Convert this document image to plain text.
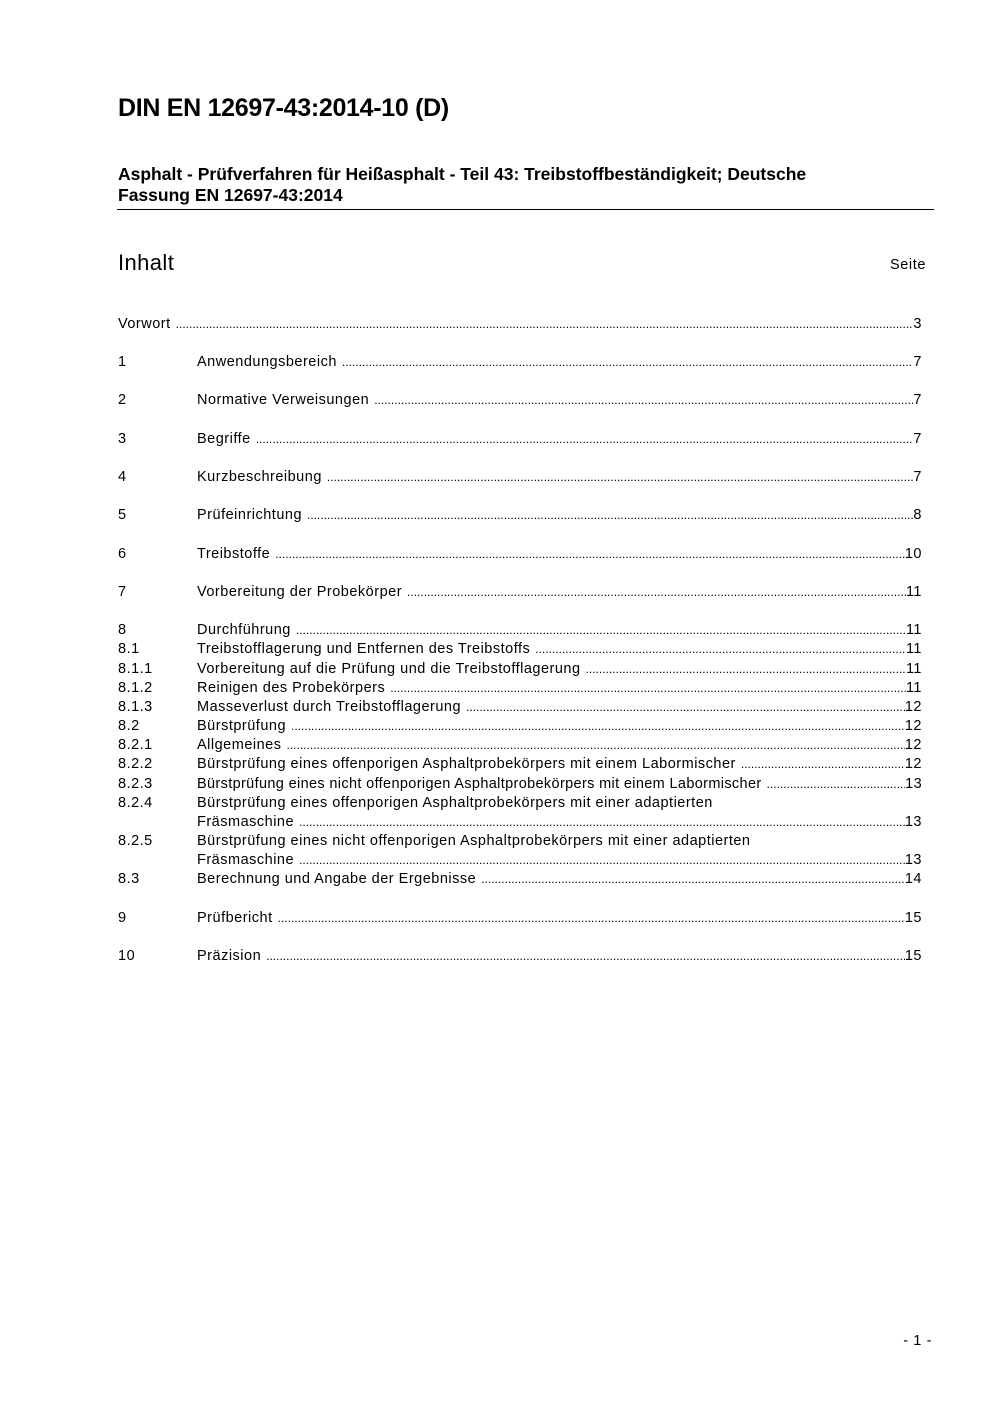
DIN EN 12697-43:2014-10 (D)
Asphalt - Prüfverfahren für Heißasphalt - Teil 43: Treibstoffbeständigkeit; Deutsche
Fassung EN 12697-43:2014
Inhalt	Seite
Vorwort .....	3
1	Anwendungsbereich .....	7
2	Normative Verweisungen .....	7
3	Begriffe .....	7
4	Kurzbeschreibung .....	7
5	Prüfeinrichtung .....	8
6	Treibstoffe .....	10
7	Vorbereitung der Probekörper .....	11
8	Durchführung .....	11
8.1	Treibstofflagerung und Entfernen des Treibstoffs .....	11
8.1.1	Vorbereitung auf die Prüfung und die Treibstofflagerung .....	11
8.1.2	Reinigen des Probekörpers .....	11
8.1.3	Masseverlust durch Treibstofflagerung .....	12
8.2	Bürstprüfung .....	12
8.2.1	Allgemeines .....	12
8.2.2	Bürstprüfung eines offenporigen Asphaltprobekörpers mit einem Labormischer .....	12
8.2.3	Bürstprüfung eines nicht offenporigen Asphaltprobekörpers mit einem Labormischer .....	13
8.2.4	Bürstprüfung eines offenporigen Asphaltprobekörpers mit einer adaptierten
Fräsmaschine .....	13
8.2.5	Bürstprüfung eines nicht offenporigen Asphaltprobekörpers mit einer adaptierten
Fräsmaschine .....	13
8.3	Berechnung und Angabe der Ergebnisse .....	14
9	Prüfbericht .....	15
10	Präzision .....	15
- 1 -
